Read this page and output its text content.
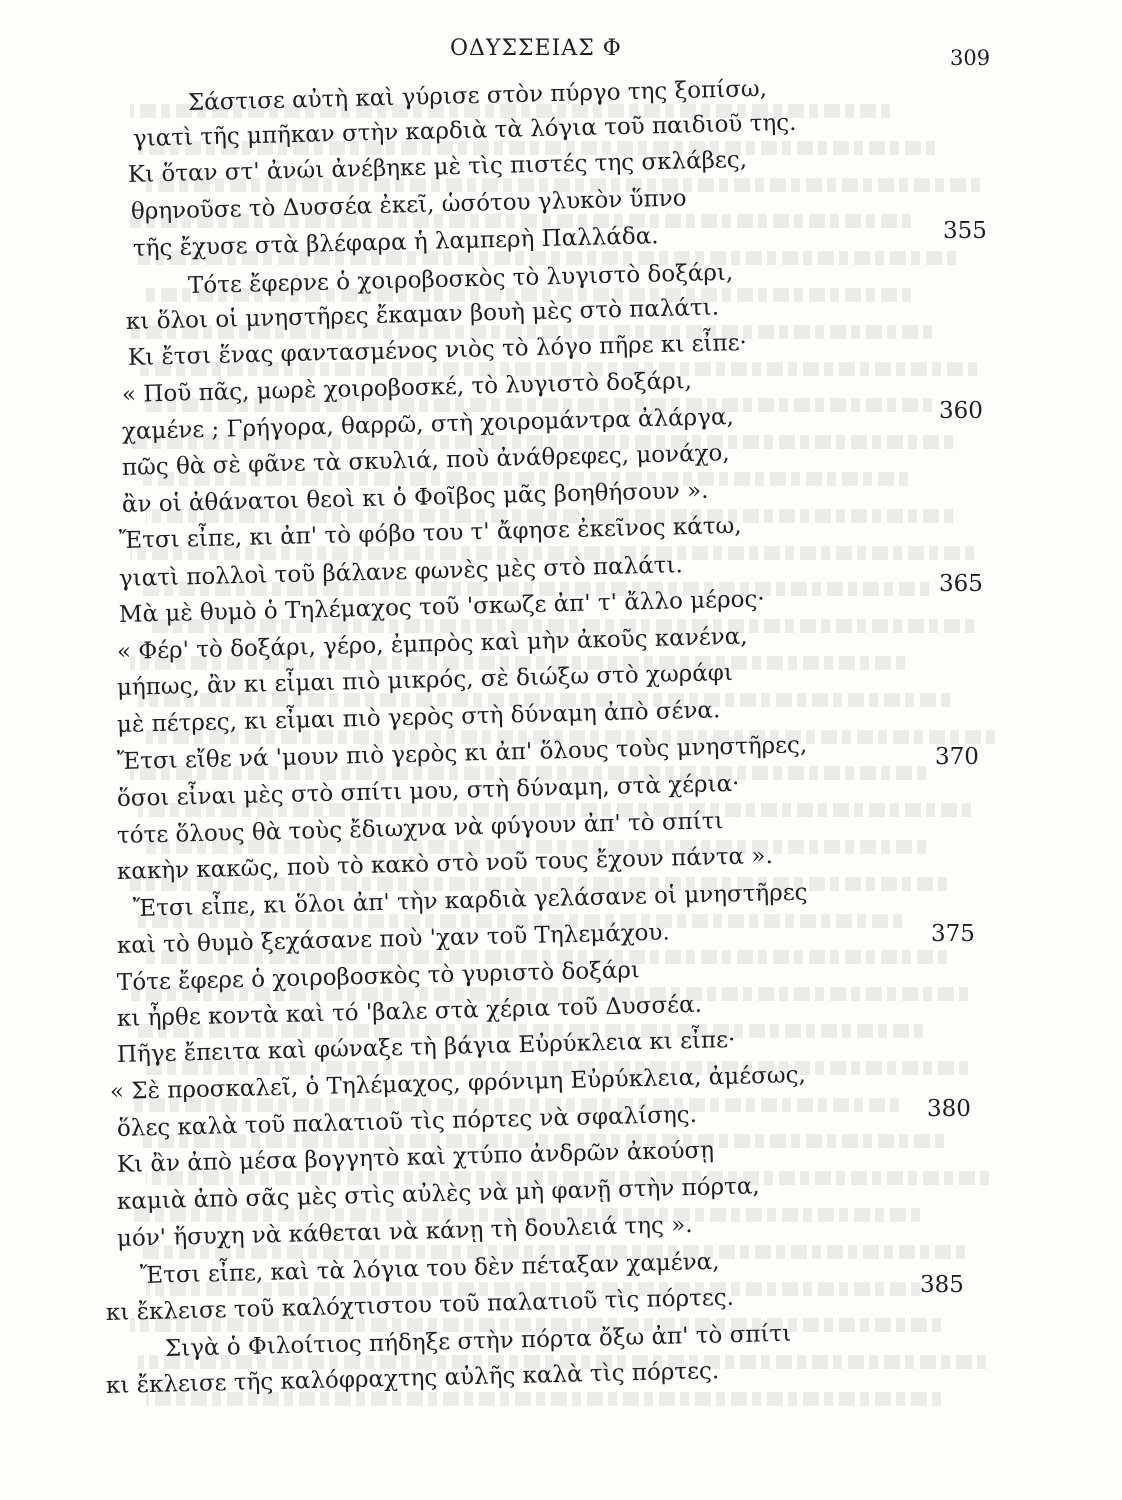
ΟΔΥΣΣΕΙΑΣ Φ	309
Σάστισε αὐτὴ καὶ γύρισε στὸν πύργο της ξοπίσω,
γιατὶ τῆς μπῆκαν στὴν καρδιὰ τὰ λόγια τοῦ παιδιοῦ της.
Κι ὅταν στ' ἀνώι ἀνέβηκε μὲ τὶς πιστές της σκλάβες,
θρηνοῦσε τὸ Δυσσέα ἐκεῖ, ὡσότου γλυκὸν ὕπνο
τῆς ἔχυσε στὰ βλέφαρα ἡ λαμπερὴ Παλλάδα.
Τότε ἔφερνε ὁ χοιροβοσκὸς τὸ λυγιστὸ δοξάρι,
κι ὅλοι οἱ μνηστῆρες ἔκαμαν βουὴ μὲς στὸ παλάτι.
Κι ἔτσι ἕνας φαντασμένος νιὸς τὸ λόγο πῆρε κι εἶπε·
« Ποῦ πᾶς, μωρὲ χοιροβοσκέ, τὸ λυγιστὸ δοξάρι,
χαμένε ; Γρήγορα, θαρρῶ, στὴ χοιρομάντρα ἀλάργα,
πῶς θὰ σὲ φᾶνε τὰ σκυλιά, ποὺ ἀνάθρεφες, μονάχο,
ἂν οἱ ἀθάνατοι θεοὶ κι ὁ Φοῖβος μᾶς βοηθήσουν ».
Ἔτσι εἶπε, κι ἀπ' τὸ φόβο του τ' ἄφησε ἐκεῖνος κάτω,
γιατὶ πολλοὶ τοῦ βάλανε φωνὲς μὲς στὸ παλάτι.
Μὰ μὲ θυμὸ ὁ Τηλέμαχος τοῦ 'σκωζε ἀπ' τ' ἄλλο μέρος·
« Φέρ' τὸ δοξάρι, γέρο, ἐμπρὸς καὶ μὴν ἀκοῦς κανένα,
μήπως, ἂν κι εἶμαι πιὸ μικρός, σὲ διώξω στὸ χωράφι
μὲ πέτρες, κι εἶμαι πιὸ γερὸς στὴ δύναμη ἀπὸ σένα.
Ἔτσι εἴθε νά 'μουν πιὸ γερὸς κι ἀπ' ὅλους τοὺς μνηστῆρες,
ὅσοι εἶναι μὲς στὸ σπίτι μου, στὴ δύναμη, στὰ χέρια·
τότε ὅλους θὰ τοὺς ἔδιωχνα νὰ φύγουν ἀπ' τὸ σπίτι
κακὴν κακῶς, ποὺ τὸ κακὸ στὸ νοῦ τους ἔχουν πάντα ».
Ἔτσι εἶπε, κι ὅλοι ἀπ' τὴν καρδιὰ γελάσανε οἱ μνηστῆρες
καὶ τὸ θυμὸ ξεχάσανε ποὺ 'χαν τοῦ Τηλεμάχου.
Τότε ἔφερε ὁ χοιροβοσκὸς τὸ γυριστὸ δοξάρι
κι ἦρθε κοντὰ καὶ τό 'βαλε στὰ χέρια τοῦ Δυσσέα.
Πῆγε ἔπειτα καὶ φώναξε τὴ βάγια Εὐρύκλεια κι εἶπε·
« Σὲ προσκαλεῖ, ὁ Τηλέμαχος, φρόνιμη Εὐρύκλεια, ἀμέσως,
ὅλες καλὰ τοῦ παλατιοῦ τὶς πόρτες νὰ σφαλίσης.
Κι ἂν ἀπὸ μέσα βογγητὸ καὶ χτύπο ἀνδρῶν ἀκούσῃ
καμιὰ ἀπὸ σᾶς μὲς στὶς αὐλὲς νὰ μὴ φανῇ στὴν πόρτα,
μόν' ἥσυχη νὰ κάθεται νὰ κάνῃ τὴ δουλειά της ».
Ἔτσι εἶπε, καὶ τὰ λόγια του δὲν πέταξαν χαμένα,
κι ἔκλεισε τοῦ καλόχτιστου τοῦ παλατιοῦ τὶς πόρτες.
Σιγὰ ὁ Φιλοίτιος πήδηξε στὴν πόρτα ὄξω ἀπ' τὸ σπίτι
κι ἔκλεισε τῆς καλόφραχτης αὐλῆς καλὰ τὶς πόρτες.
355
360
365
370
375
380
385
